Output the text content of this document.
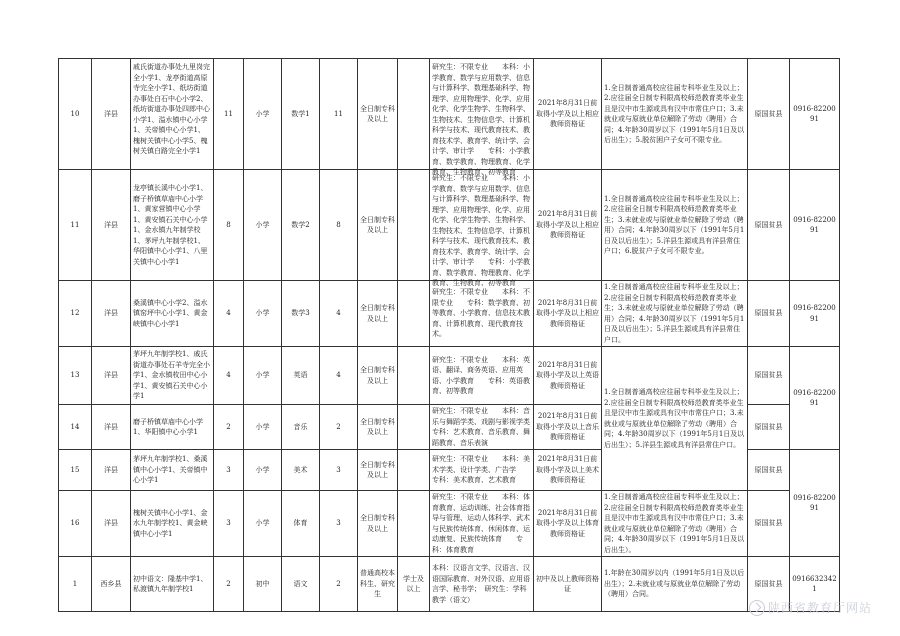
10	洋县	戚氏街道办事处九里岗完全小学1、龙亭街道高原寺完全小学1、纸坊街道办事处白石中心小学2、纸坊街道办事处四郎中心小学1、溢水镇中心小学1、关帝镇中心小学1、槐树关镇中心小学5、槐树关镇白路完全小学1	11	小学	数学1	11	全日制专科及以上		研究生：不限专业　　本科：小学教育、数学与应用数学、信息与计算科学、数理基础科学、物理学、应用物理学、化学、应用化学、化学生物学、生物科学、生物技术、生物信息学、计算机科学与技术、现代教育技术、教育技术学、教育学、统计学、会计学、审计学　　专科：小学教育、数学教育、物理教育、化学教育、生物教育、初等教育	2021年8月31日前取得小学及以上相应教师资格证	1.全日制普通高校应往届专科毕业生及以上；2.应往届全日制专科限高校师范教育类毕业生且是汉中市生源或具有汉中市常住户口；3.未就业或与原就业单位解除了劳动（聘用）合同；4.年龄30周岁以下（1991年5月1日及以后出生）；5.脱贫困户子女可不限专业。	原国贫县	0916-8220091
11	洋县	龙亭镇长溪中心小学1、磨子桥镇草庙中心小学1、黄家营镇中心小学1、黄安镇石关中心小学1、金水镇九年制学校1、茅坪九年制学校1、华阳镇中心小学1、八里关镇中心小学1	8	小学	数学2	8	全日制专科及以上		研究生：不限专业　　本科：小学教育、数学与应用数学、信息与计算科学、数理基础科学、物理学、应用物理学、化学、应用化学、化学生物学、生物科学、生物技术、生物信息学、计算机科学与技术、现代教育技术、教育技术学、教育学、统计学、会计学、审计学　　专科：小学教育、数学教育、物理教育、化学教育、生物教育、初等教育	2021年8月31日前取得小学及以上相应教师资格证	1.全日制普通高校应往届专科毕业生及以上；2.应往届全日制专科限高校师范教育类毕业生；3.未就业或与原就业单位解除了劳动（聘用）合同；4.年龄30周岁以下（1991年5月1日及以后出生）；5.洋县生源或具有洋县常住户口；6.脱贫户子女可不限专业。	原国贫县	0916-8220091
12	洋县	桑溪镇中心小学2、溢水镇窑坪中心小学1、黄金峡镇中心小学1	4	小学	数学3	4	全日制专科及以上		研究生：不限专业　　本科：不限专业　　专科：数学教育、初等教育、小学教育、信息技术教育、计算机教育、现代教育技术。	2021年8月31日前取得小学及以上相应教师资格证	1.全日制普通高校应往届专科毕业生及以上；2.应往届全日制专科限高校师范教育类毕业生；3.未就业或与原就业单位解除了劳动（聘用）合同；4.年龄30周岁以下（1991年5月1日及以后出生）；5.洋县生源或具有洋县常住户口。	原国贫县	0916-8220091
13	洋县	茅坪九年制学校1、戚氏街道办事处石羊寺完全小学1、金水镇枚田中心小学1、黄安镇石关中心小学1	4	小学	英语	4	全日制专科及以上		研究生：不限专业　　本科：英语、翻译、商务英语、应用英语、小学教育　　专科：英语教育、初等教育	2021年8月31日前取得小学及以上英语教师资格证	1.全日制普通高校应往届专科毕业生及以上；2.应往届全日制专科限高校师范教育类毕业生且是汉中市生源或具有汉中市常住户口；3.未就业或与原就业单位解除了劳动（聘用）合同；4.年龄30周岁以下（1991年5月1日及以后出生）；5.洋县生源或具有洋县常住户口。	原国贫县	0916-8220091
14	洋县	磨子桥镇草庙中心小学1、华阳镇中心小学1	2	小学	音乐	2	全日制专科及以上		研究生：不限专业　　本科：音乐与舞蹈学类、戏剧与影视学类　　专科：艺术教育、音乐教育、舞蹈教育、音乐表演	2021年8月31日前取得小学及以上音乐教师资格证		原国贫县	
15	洋县	茅坪九年制学校1、桑溪镇中心小学1、关帝镇中心小学1	3	小学	美术	3	全日制专科及以上		研究生：不限专业　　本科：美术学类、设计学类、广告学　　专科：美术教育、艺术教育	2021年8月31日前取得小学及以上美术教师资格证		原国贫县	0916-8220091
16	洋县	槐树关镇中心小学1、金水九年制学校1、黄金峡镇中心小学1	3	小学	体育	3	全日制专科及以上		研究生：不限专业　　本科：体育教育、运动训练、社会体育指导与管理、运动人体科学、武术与民族传统体育、休闲体育、运动康复、民族传统体育　　专科：体育教育	2021年8月31日前取得小学及以上体育教师资格证	1.全日制普通高校应往届专科毕业生及以上；2.应往届全日制专科限高校师范教育类毕业生且是汉中市生源或具有汉中市常住户口；3.未就业或与原就业单位解除了劳动（聘用）合同；4.年龄30周岁以下（1991年5月1日及以后出生）。	原国贫县	
1	西乡县	初中语文：隆基中学1、私渡镇九年制学校1	2	初中	语文	2	普通高校本科生、研究生	学士及以上	本科：汉语言文学、汉语言、汉语国际教育、对外汉语、应用语言学、秘书学；　研究生：学科教学（语文）	初中及以上教师资格证	1.年龄在30周岁以内（1991年5月1日及以后出生）；2.未就业或与原就业单位解除了劳动（聘用）合同。	原国贫县	09166323421
陕西省教育厅网站
